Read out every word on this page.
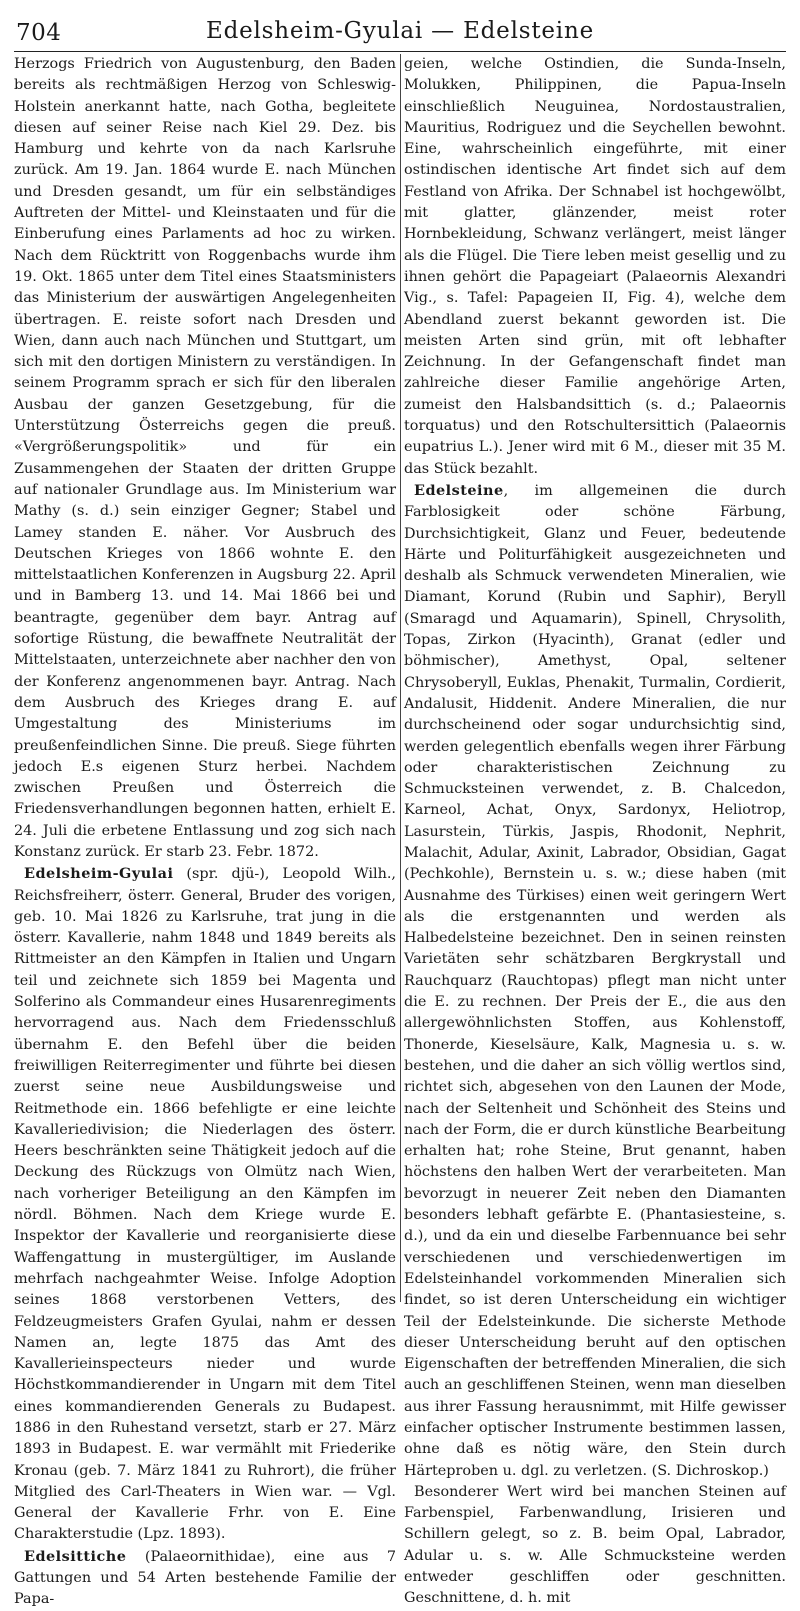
704	Edelsheim-Gyulai — Edelsteine

Herzogs Friedrich von Augustenburg, den Baden bereits als rechtmäßigen Herzog von Schleswig-Holstein anerkannt hatte, nach Gotha, begleitete diesen auf seiner Reise nach Kiel 29. Dez. bis Hamburg und kehrte von da nach Karlsruhe zurück. Am 19. Jan. 1864 wurde E. nach München und Dresden gesandt, um für ein selbständiges Auftreten der Mittel- und Kleinstaaten und für die Einberufung eines Parlaments ad hoc zu wirken. Nach dem Rücktritt von Roggenbachs wurde ihm 19. Okt. 1865 unter dem Titel eines Staatsministers das Ministerium der auswärtigen Angelegenheiten übertragen. E. reiste sofort nach Dresden und Wien, dann auch nach München und Stuttgart, um sich mit den dortigen Ministern zu verständigen. In seinem Programm sprach er sich für den liberalen Ausbau der ganzen Gesetzgebung, für die Unterstützung Österreichs gegen die preuß. «Vergrößerungspolitik» und für ein Zusammengehen der Staaten der dritten Gruppe auf nationaler Grundlage aus. Im Ministerium war Mathy (s. d.) sein einziger Gegner; Stabel und Lamey standen E. näher. Vor Ausbruch des Deutschen Krieges von 1866 wohnte E. den mittelstaatlichen Konferenzen in Augsburg 22. April und in Bamberg 13. und 14. Mai 1866 bei und beantragte, gegenüber dem bayr. Antrag auf sofortige Rüstung, die bewaffnete Neutralität der Mittelstaaten, unterzeichnete aber nachher den von der Konferenz angenommenen bayr. Antrag. Nach dem Ausbruch des Krieges drang E. auf Umgestaltung des Ministeriums im preußenfeindlichen Sinne. Die preuß. Siege führten jedoch E.s eigenen Sturz herbei. Nachdem zwischen Preußen und Österreich die Friedensverhandlungen begonnen hatten, erhielt E. 24. Juli die erbetene Entlassung und zog sich nach Konstanz zurück. Er starb 23. Febr. 1872.

Edelsheim-Gyulai (spr. djü-), Leopold Wilh., Reichsfreiherr, österr. General, Bruder des vorigen, geb. 10. Mai 1826 zu Karlsruhe, trat jung in die österr. Kavallerie, nahm 1848 und 1849 bereits als Rittmeister an den Kämpfen in Italien und Ungarn teil und zeichnete sich 1859 bei Magenta und Solferino als Commandeur eines Husarenregiments hervorragend aus. Nach dem Friedensschluß übernahm E. den Befehl über die beiden freiwilligen Reiterregimenter und führte bei diesen zuerst seine neue Ausbildungsweise und Reitmethode ein. 1866 befehligte er eine leichte Kavalleriedivision; die Niederlagen des österr. Heers beschränkten seine Thätigkeit jedoch auf die Deckung des Rückzugs von Olmütz nach Wien, nach vorheriger Beteiligung an den Kämpfen im nördl. Böhmen. Nach dem Kriege wurde E. Inspektor der Kavallerie und reorganisierte diese Waffengattung in mustergültiger, im Auslande mehrfach nachgeahmter Weise. Infolge Adoption seines 1868 verstorbenen Vetters, des Feldzeugmeisters Grafen Gyulai, nahm er dessen Namen an, legte 1875 das Amt des Kavallerieinspecteurs nieder und wurde Höchstkommandierender in Ungarn mit dem Titel eines kommandierenden Generals zu Budapest. 1886 in den Ruhestand versetzt, starb er 27. März 1893 in Budapest. E. war vermählt mit Friederike Kronau (geb. 7. März 1841 zu Ruhrort), die früher Mitglied des Carl-Theaters in Wien war. — Vgl. General der Kavallerie Frhr. von E. Eine Charakterstudie (Lpz. 1893).

Edelsittiche (Palaeornithidae), eine aus 7 Gattungen und 54 Arten bestehende Familie der Papa-

geien, welche Ostindien, die Sunda-Inseln, Molukken, Philippinen, die Papua-Inseln einschließlich Neuguinea, Nordostaustralien, Mauritius, Rodriguez und die Seychellen bewohnt. Eine, wahrscheinlich eingeführte, mit einer ostindischen identische Art findet sich auf dem Festland von Afrika. Der Schnabel ist hochgewölbt, mit glatter, glänzender, meist roter Hornbekleidung, Schwanz verlängert, meist länger als die Flügel. Die Tiere leben meist gesellig und zu ihnen gehört die Papageiart (Palaeornis Alexandri Vig., s. Tafel: Papageien II, Fig. 4), welche dem Abendland zuerst bekannt geworden ist. Die meisten Arten sind grün, mit oft lebhafter Zeichnung. In der Gefangenschaft findet man zahlreiche dieser Familie angehörige Arten, zumeist den Halsbandsittich (s. d.; Palaeornis torquatus) und den Rotschultersittich (Palaeornis eupatrius L.). Jener wird mit 6 M., dieser mit 35 M. das Stück bezahlt.

Edelsteine, im allgemeinen die durch Farblosigkeit oder schöne Färbung, Durchsichtigkeit, Glanz und Feuer, bedeutende Härte und Politurfähigkeit ausgezeichneten und deshalb als Schmuck verwendeten Mineralien, wie Diamant, Korund (Rubin und Saphir), Beryll (Smaragd und Aquamarin), Spinell, Chrysolith, Topas, Zirkon (Hyacinth), Granat (edler und böhmischer), Amethyst, Opal, seltener Chrysoberyll, Euklas, Phenakit, Turmalin, Cordierit, Andalusit, Hiddenit. Andere Mineralien, die nur durchscheinend oder sogar undurchsichtig sind, werden gelegentlich ebenfalls wegen ihrer Färbung oder charakteristischen Zeichnung zu Schmucksteinen verwendet, z. B. Chalcedon, Karneol, Achat, Onyx, Sardonyx, Heliotrop, Lasurstein, Türkis, Jaspis, Rhodonit, Nephrit, Malachit, Adular, Axinit, Labrador, Obsidian, Gagat (Pechkohle), Bernstein u. s. w.; diese haben (mit Ausnahme des Türkises) einen weit geringern Wert als die erstgenannten und werden als Halbedelsteine bezeichnet. Den in seinen reinsten Varietäten sehr schätzbaren Bergkrystall und Rauchquarz (Rauchtopas) pflegt man nicht unter die E. zu rechnen. Der Preis der E., die aus den allergewöhnlichsten Stoffen, aus Kohlenstoff, Thonerde, Kieselsäure, Kalk, Magnesia u. s. w. bestehen, und die daher an sich völlig wertlos sind, richtet sich, abgesehen von den Launen der Mode, nach der Seltenheit und Schönheit des Steins und nach der Form, die er durch künstliche Bearbeitung erhalten hat; rohe Steine, Brut genannt, haben höchstens den halben Wert der verarbeiteten. Man bevorzugt in neuerer Zeit neben den Diamanten besonders lebhaft gefärbte E. (Phantasiesteine, s. d.), und da ein und dieselbe Farbennuance bei sehr verschiedenen und verschiedenwertigen im Edelsteinhandel vorkommenden Mineralien sich findet, so ist deren Unterscheidung ein wichtiger Teil der Edelsteinkunde. Die sicherste Methode dieser Unterscheidung beruht auf den optischen Eigenschaften der betreffenden Mineralien, die sich auch an geschliffenen Steinen, wenn man dieselben aus ihrer Fassung herausnimmt, mit Hilfe gewisser einfacher optischer Instrumente bestimmen lassen, ohne daß es nötig wäre, den Stein durch Härteproben u. dgl. zu verletzen. (S. Dichroskop.)

Besonderer Wert wird bei manchen Steinen auf Farbenspiel, Farbenwandlung, Irisieren und Schillern gelegt, so z. B. beim Opal, Labrador, Adular u. s. w. Alle Schmucksteine werden entweder geschliffen oder geschnitten. Geschnittene, d. h. mit
